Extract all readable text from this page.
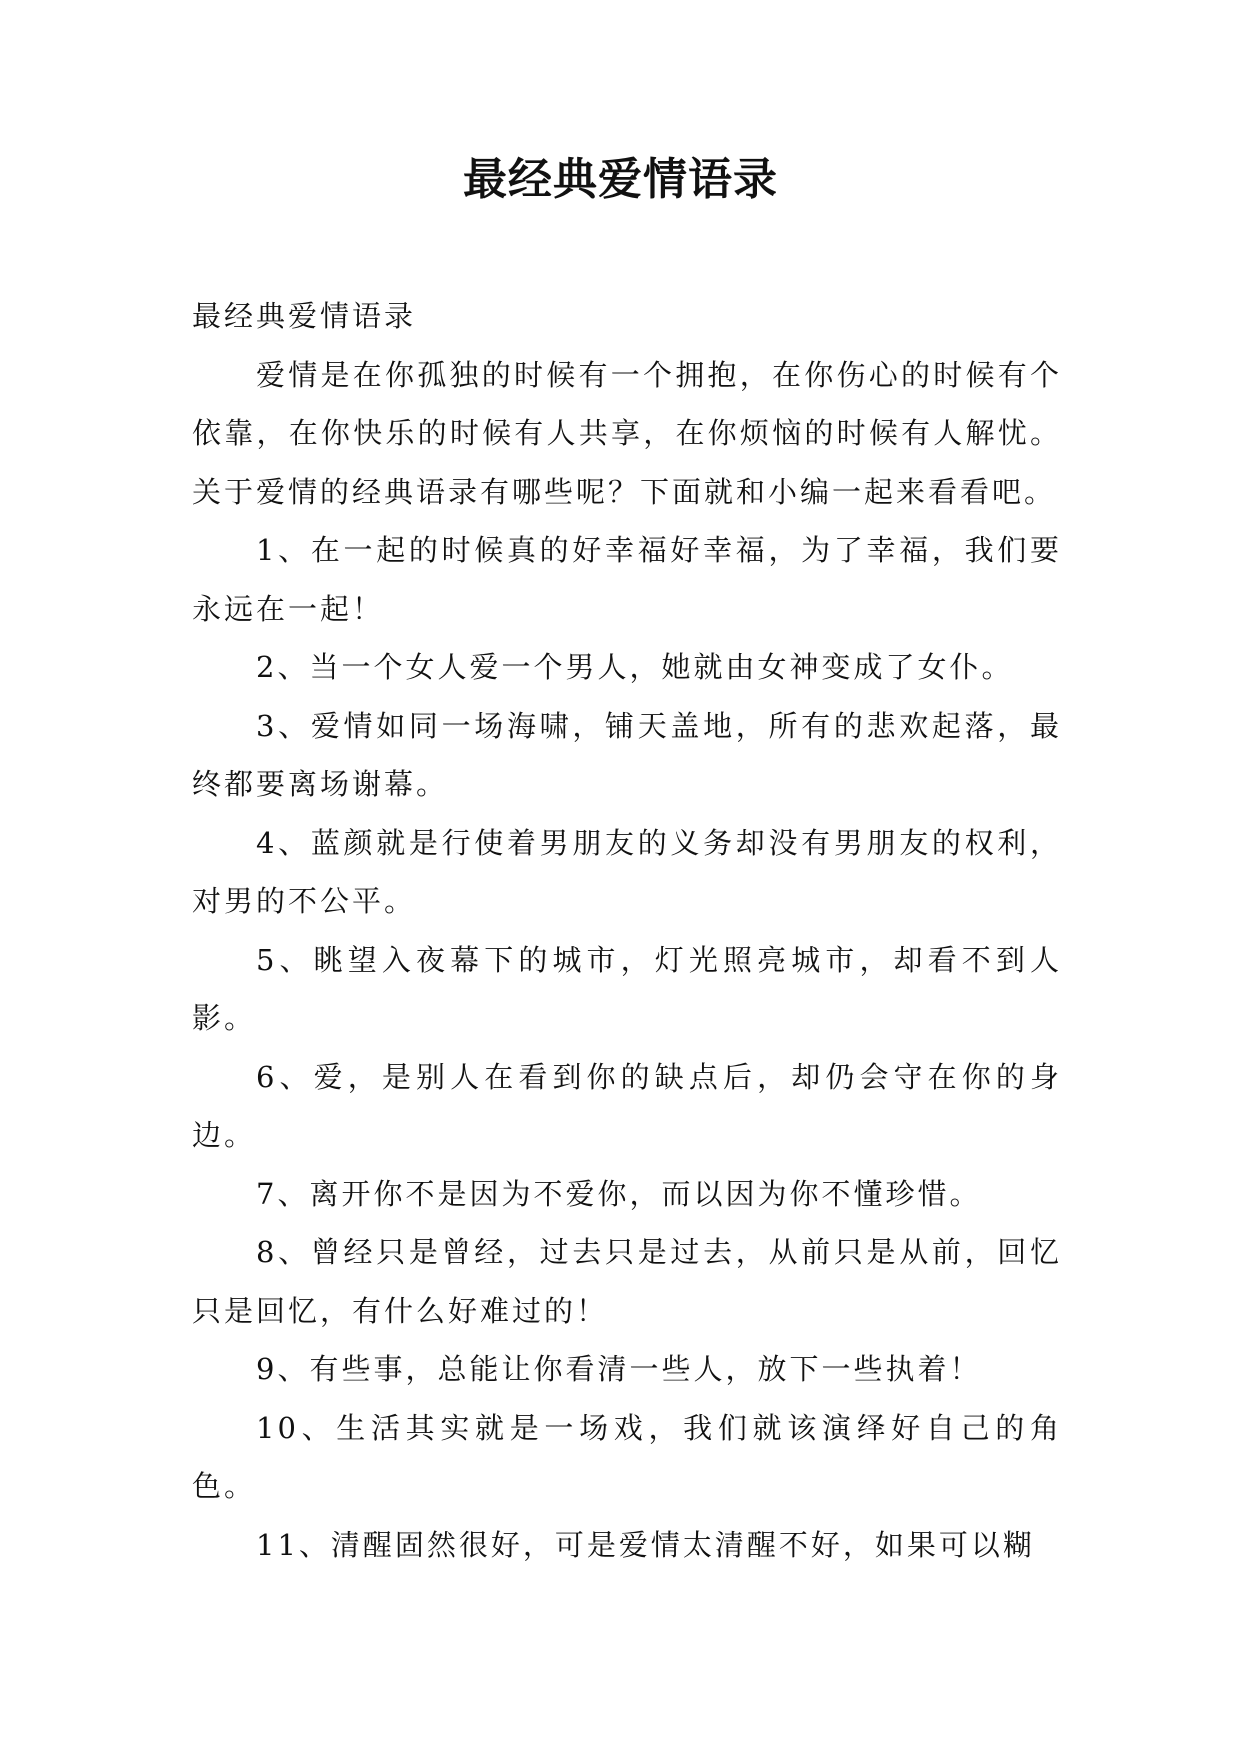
最经典爱情语录

最经典爱情语录

爱情是在你孤独的时候有一个拥抱，在你伤心的时候有个依靠，在你快乐的时候有人共享，在你烦恼的时候有人解忧。关于爱情的经典语录有哪些呢？下面就和小编一起来看看吧。

1、在一起的时候真的好幸福好幸福，为了幸福，我们要永远在一起！

2、当一个女人爱一个男人，她就由女神变成了女仆。

3、爱情如同一场海啸，铺天盖地，所有的悲欢起落，最终都要离场谢幕。

4、蓝颜就是行使着男朋友的义务却没有男朋友的权利，对男的不公平。

5、眺望入夜幕下的城市，灯光照亮城市，却看不到人影。

6、爱，是别人在看到你的缺点后，却仍会守在你的身边。

7、离开你不是因为不爱你，而以因为你不懂珍惜。

8、曾经只是曾经，过去只是过去，从前只是从前，回忆只是回忆，有什么好难过的！

9、有些事，总能让你看清一些人，放下一些执着！

10、生活其实就是一场戏，我们就该演绎好自己的角色。

11、清醒固然很好，可是爱情太清醒不好，如果可以糊
